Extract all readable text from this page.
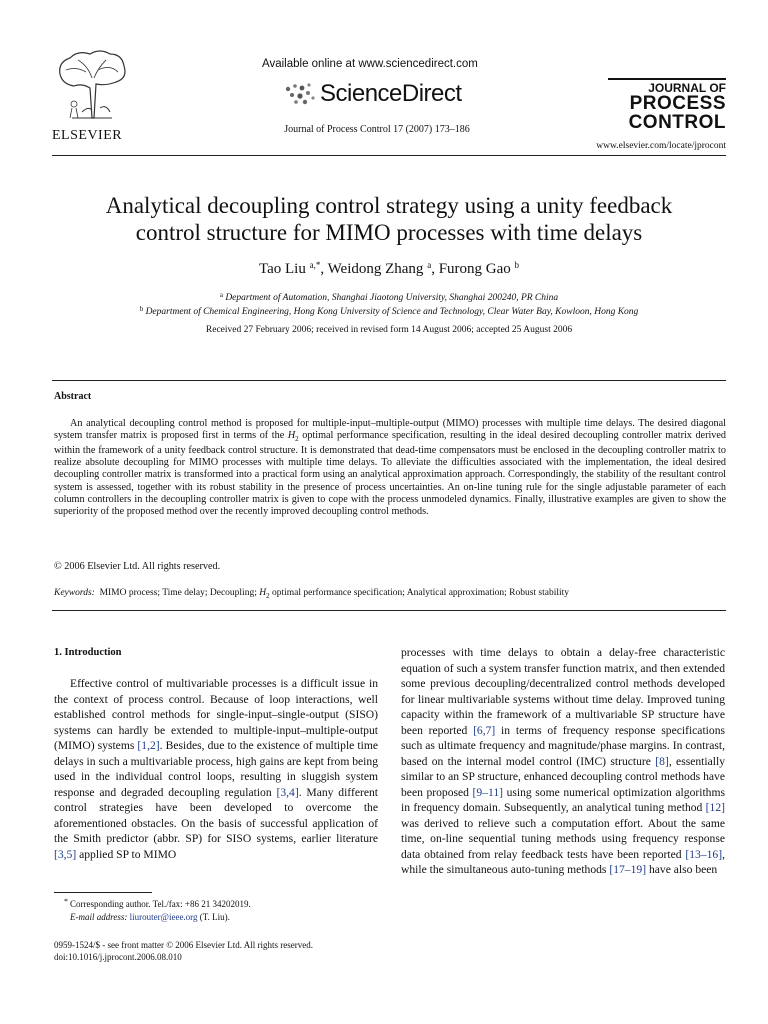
ELSEVIER
Available online at www.sciencedirect.com
ScienceDirect
Journal of Process Control 17 (2007) 173–186
JOURNAL OF
PROCESS
CONTROL
www.elsevier.com/locate/jprocont
Analytical decoupling control strategy using a unity feedback
control structure for MIMO processes with time delays
Tao Liu $^{a,*}$, Weidong Zhang $^a$, Furong Gao $^b$
$^a$ Department of Automation, Shanghai Jiaotong University, Shanghai 200240, PR China
$^b$ Department of Chemical Engineering, Hong Kong University of Science and Technology, Clear Water Bay, Kowloon, Hong Kong
Received 27 February 2006; received in revised form 14 August 2006; accepted 25 August 2006
Abstract
An analytical decoupling control method is proposed for multiple-input–multiple-output (MIMO) processes with multiple time delays. The desired diagonal system transfer matrix is proposed first in terms of the $H_2$ optimal performance specification, resulting in the ideal desired decoupling controller matrix derived within the framework of a unity feedback control structure. It is demonstrated that dead-time compensators must be enclosed in the decoupling controller matrix to realize absolute decoupling for MIMO processes with multiple time delays. To alleviate the difficulties associated with the implementation, the ideal desired decoupling controller matrix is transformed into a practical form using an analytical approximation approach. Correspondingly, the stability of the resultant control system is assessed, together with its robust stability in the presence of process uncertainties. An on-line tuning rule for the single adjustable parameter of each column controllers in the decoupling controller matrix is given to cope with the process unmodeled dynamics. Finally, illustrative examples are given to show the superiority of the proposed method over the recently improved decoupling control methods.
© 2006 Elsevier Ltd. All rights reserved.
Keywords: MIMO process; Time delay; Decoupling; $H_2$ optimal performance specification; Analytical approximation; Robust stability
1. Introduction
Effective control of multivariable processes is a difficult issue in the context of process control. Because of loop interactions, well established control methods for single-input–single-output (SISO) systems can hardly be extended to multiple-input–multiple-output (MIMO) systems [1,2]. Besides, due to the existence of multiple time delays in such a multivariable process, high gains are kept from being used in the individual control loops, resulting in sluggish system response and degraded decoupling regulation [3,4]. Many different control strategies have been developed to overcome the aforementioned obstacles. On the basis of successful application of the Smith predictor (abbr. SP) for SISO systems, earlier literature [3,5] applied SP to MIMO
processes with time delays to obtain a delay-free characteristic equation of such a system transfer function matrix, and then extended some previous decoupling/decentralized control methods developed for linear multivariable systems without time delay. Improved tuning capacity within the framework of a multivariable SP structure have been reported [6,7] in terms of frequency response specifications such as ultimate frequency and magnitude/phase margins. In contrast, based on the internal model control (IMC) structure [8], essentially similar to an SP structure, enhanced decoupling control methods have been proposed [9–11] using some numerical optimization algorithms in frequency domain. Subsequently, an analytical tuning method [12] was derived to relieve such a computation effort. About the same time, on-line sequential tuning methods using frequency response data obtained from relay feedback tests have been reported [13–16], while the simultaneous auto-tuning methods [17–19] have also been
* Corresponding author. Tel./fax: +86 21 34202019.
E-mail address: liurouter@ieee.org (T. Liu).
0959-1524/$ - see front matter © 2006 Elsevier Ltd. All rights reserved.
doi:10.1016/j.jprocont.2006.08.010
